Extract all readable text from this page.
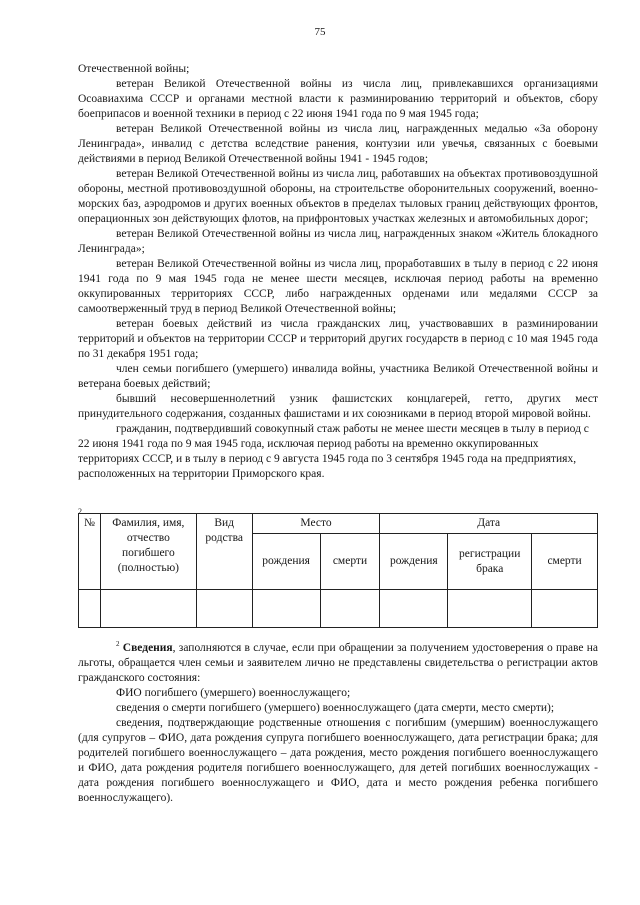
75

Отечественной войны;

ветеран Великой Отечественной войны из числа лиц, привлекавшихся организациями Осоавиахима СССР и органами местной власти к разминированию территорий и объектов, сбору боеприпасов и военной техники в период с 22 июня 1941 года по 9 мая 1945 года;

ветеран Великой Отечественной войны из числа лиц, награжденных медалью «За оборону Ленинграда», инвалид с детства вследствие ранения, контузии или увечья, связанных с боевыми действиями в период Великой Отечественной войны 1941 - 1945 годов;

ветеран Великой Отечественной войны из числа лиц, работавших на объектах противовоздушной обороны, местной противовоздушной обороны, на строительстве оборонительных сооружений, военно-морских баз, аэродромов и других военных объектов в пределах тыловых границ действующих фронтов, операционных зон действующих флотов, на прифронтовых участках железных и автомобильных дорог;

ветеран Великой Отечественной войны из числа лиц, награжденных знаком «Житель блокадного Ленинграда»;

ветеран Великой Отечественной войны из числа лиц, проработавших в тылу в период с 22 июня 1941 года по 9 мая 1945 года не менее шести месяцев, исключая период работы на временно оккупированных территориях СССР, либо награжденных орденами или медалями СССР за самоотверженный труд в период Великой Отечественной войны;

ветеран боевых действий из числа гражданских лиц, участвовавших в разминировании территорий и объектов на территории СССР и территорий других государств в период с 10 мая 1945 года по 31 декабря 1951 года;

член семьи погибшего (умершего) инвалида войны, участника Великой Отечественной войны и ветерана боевых действий;

бывший несовершеннолетний узник фашистских концлагерей, гетто, других мест принудительного содержания, созданных фашистами и их союзниками в период второй мировой войны.

гражданин, подтвердивший совокупный стаж работы не менее шести месяцев в тылу в период с 22 июня 1941 года по 9 мая 1945 года, исключая период работы на временно оккупированных территориях СССР, и в тылу в период с 9 августа 1945 года по 3 сентября 1945 года на предприятиях, расположенных на территории Приморского края.

2
№	Фамилия, имя, отчество погибшего (полностью)	Вид родства	Место		Дата		
			рождения	смерти	рождения	регистрации брака	смерти

$^2$ Сведения, заполняются в случае, если при обращении за получением удостоверения о праве на льготы, обращается член семьи и заявителем лично не представлены свидетельства о регистрации актов гражданского состояния:

ФИО погибшего (умершего) военнослужащего;

сведения о смерти погибшего (умершего) военнослужащего (дата смерти, место смерти);

сведения, подтверждающие родственные отношения с погибшим (умершим) военнослужащего (для супругов – ФИО, дата рождения супруга погибшего военнослужащего, дата регистрации брака; для родителей погибшего военнослужащего – дата рождения, место рождения погибшего военнослужащего и ФИО, дата рождения родителя погибшего военнослужащего, для детей погибших военнослужащих - дата рождения погибшего военнослужащего и ФИО, дата и место рождения ребенка погибшего военнослужащего).
